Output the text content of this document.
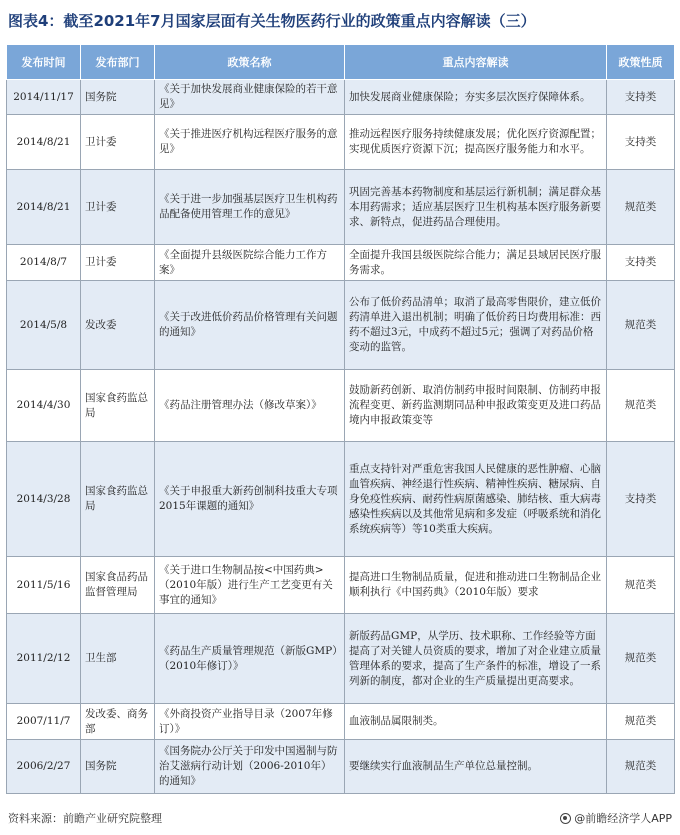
图表4：截至2021年7月国家层面有关生物医药行业的政策重点内容解读（三）
发布时间	发布部门	政策名称	重点内容解读	政策性质
2014/11/17	国务院	《关于加快发展商业健康保险的若干意见》	加快发展商业健康保险；夯实多层次医疗保障体系。	支持类
2014/8/21	卫计委	《关于推进医疗机构远程医疗服务的意见》	推动远程医疗服务持续健康发展；优化医疗资源配置；实现优质医疗资源下沉；提高医疗服务能力和水平。	支持类
2014/8/21	卫计委	《关于进一步加强基层医疗卫生机构药品配备使用管理工作的意见》	巩固完善基本药物制度和基层运行新机制；满足群众基本用药需求；适应基层医疗卫生机构基本医疗服务新要求、新特点，促进药品合理使用。	规范类
2014/8/7	卫计委	《全面提升县级医院综合能力工作方案》	全面提升我国县级医院综合能力；满足县域居民医疗服务需求。	支持类
2014/5/8	发改委	《关于改进低价药品价格管理有关问题的通知》	公布了低价药品清单；取消了最高零售限价，建立低价药清单进入退出机制；明确了低价药日均费用标准：西药不超过3元，中成药不超过5元；强调了对药品价格变动的监管。	规范类
2014/4/30	国家食药监总局	《药品注册管理办法（修改草案）》	鼓励新药创新、取消仿制药申报时间限制、仿制药申报流程变更、新药监测期同品种申报政策变更及进口药品境内申报政策变等	规范类
2014/3/28	国家食药监总局	《关于申报重大新药创制科技重大专项2015年课题的通知》	重点支持针对严重危害我国人民健康的恶性肿瘤、心脑血管疾病、神经退行性疾病、精神性疾病、糖尿病、自身免疫性疾病、耐药性病原菌感染、肺结核、重大病毒感染性疾病以及其他常见病和多发症（呼吸系统和消化系统疾病等）等10类重大疾病。	支持类
2011/5/16	国家食品药品监督管理局	《关于进口生物制品按<中国药典>（2010年版）进行生产工艺变更有关事宜的通知》	提高进口生物制品质量，促进和推动进口生物制品企业顺利执行《中国药典》（2010年版）要求	规范类
2011/2/12	卫生部	《药品生产质量管理规范（新版GMP）（2010年修订）》	新版药品GMP，从学历、技术职称、工作经验等方面提高了对关键人员资质的要求，增加了对企业建立质量管理体系的要求，提高了生产条件的标准，增设了一系列新的制度，都对企业的生产质量提出更高要求。	规范类
2007/11/7	发改委、商务部	《外商投资产业指导目录（2007年修订）》	血液制品属限制类。	规范类
2006/2/27	国务院	《国务院办公厅关于印发中国遏制与防治艾滋病行动计划（2006-2010年）的通知》	要继续实行血液制品生产单位总量控制。	规范类
资料来源：前瞻产业研究院整理	@前瞻经济学人APP
